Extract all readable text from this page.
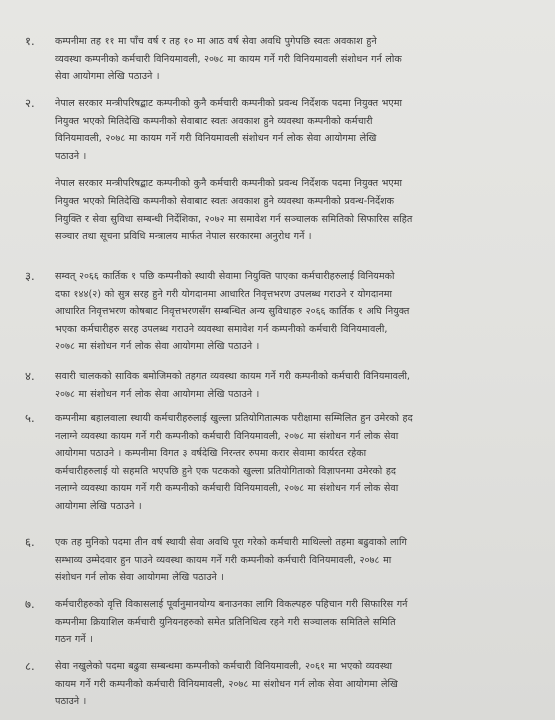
१. कम्पनीमा तह ११ मा पाँच वर्ष र तह १० मा आठ वर्ष सेवा अवधि पुगेपछि स्वतः अवकाश हुने
व्यवस्था कम्पनीको कर्मचारी विनियमावली, २०७८ मा कायम गर्ने गरी विनियमावली संशोधन गर्न लोक
सेवा आयोगमा लेखि पठाउने ।

२. नेपाल सरकार मन्त्रीपरिषद्बाट कम्पनीको कुनै कर्मचारी कम्पनीको प्रवन्ध निर्देशक पदमा नियुक्त भएमा
नियुक्त भएको मितिदेखि कम्पनीको सेवाबाट स्वतः अवकाश हुने व्यवस्था कम्पनीको कर्मचारी
विनियमावली, २०७८ मा कायम गर्ने गरी विनियमावली संशोधन गर्न लोक सेवा आयोगमा लेखि
पठाउने ।

नेपाल सरकार मन्त्रीपरिषद्बाट कम्पनीको कुनै कर्मचारी कम्पनीको प्रवन्ध निर्देशक पदमा नियुक्त भएमा
नियुक्त भएको मितिदेखि कम्पनीको सेवाबाट स्वतः अवकाश हुने व्यवस्था कम्पनीको प्रवन्ध-निर्देशक
नियुक्ति र सेवा सुविधा सम्बन्धी निर्देशिका, २०७२ मा समावेश गर्न सञ्चालक समितिको सिफारिस सहित
सञ्चार तथा सूचना प्रविधि मन्त्रालय मार्फत नेपाल सरकारमा अनुरोध गर्ने ।

३. सम्वत् २०६६ कार्तिक १ पछि कम्पनीको स्थायी सेवामा नियुक्ति पाएका कर्मचारीहरुलाई विनियमको
दफा १४४(२) को सुत्र सरह हुने गरी योगदानमा आधारित निवृत्तभरण उपलब्ध गराउने र योगदानमा
आधारित निवृत्तभरण कोषबाट निवृत्तभरणसँग सम्बन्धित अन्य सुविधाहरु २०६६ कार्तिक १ अघि नियुक्त
भएका कर्मचारीहरु सरह उपलब्ध गराउने व्यवस्था समावेश गर्न कम्पनीको कर्मचारी विनियमावली,
२०७८ मा संशोधन गर्न लोक सेवा आयोगमा लेखि पठाउने ।

४. सवारी चालकको साविक बमोजिमको तहगत व्यवस्था कायम गर्ने गरी कम्पनीको कर्मचारी विनियमावली,
२०७८ मा संशोधन गर्न लोक सेवा आयोगमा लेखि पठाउने ।

५. कम्पनीमा बहालवाला स्थायी कर्मचारीहरुलाई खुल्ला प्रतियोगितात्मक परीक्षामा सम्मिलित हुन उमेरको हद
नलाग्ने व्यवस्था कायम गर्ने गरी कम्पनीको कर्मचारी विनियमावली, २०७८ मा संशोधन गर्न लोक सेवा
आयोगमा पठाउने । कम्पनीमा विगत ३ वर्षदेखि निरन्तर रुपमा करार सेवामा कार्यरत रहेका
कर्मचारीहरुलाई यो सहमति भएपछि हुने एक पटकको खुल्ला प्रतियोगिताको विज्ञापनमा उमेरको हद
नलाग्ने व्यवस्था कायम गर्ने गरी कम्पनीको कर्मचारी विनियमावली, २०७८ मा संशोधन गर्न लोक सेवा
आयोगमा लेखि पठाउने ।

६. एक तह मुनिको पदमा तीन वर्ष स्थायी सेवा अवधि पूरा गरेको कर्मचारी माथिल्लो तहमा बढुवाको लागि
सम्भाव्य उम्मेदवार हुन पाउने व्यवस्था कायम गर्ने गरी कम्पनीको कर्मचारी विनियमावली, २०७८ मा
संशोधन गर्न लोक सेवा आयोगमा लेखि पठाउने ।

७. कर्मचारीहरुको वृत्ति विकासलाई पूर्वानुमानयोग्य बनाउनका लागि विकल्पहरु पहिचान गरी सिफारिस गर्न
कम्पनीमा क्रियाशिल कर्मचारी युनियनहरुको समेत प्रतिनिधित्व रहने गरी सञ्चालक समितिले समिति
गठन गर्ने ।

८. सेवा नखुलेको पदमा बढुवा सम्बन्धमा कम्पनीको कर्मचारी विनियमावली, २०६१ मा भएको व्यवस्था
कायम गर्ने गरी कम्पनीको कर्मचारी विनियमावली, २०७८ मा संशोधन गर्न लोक सेवा आयोगमा लेखि
पठाउने ।
